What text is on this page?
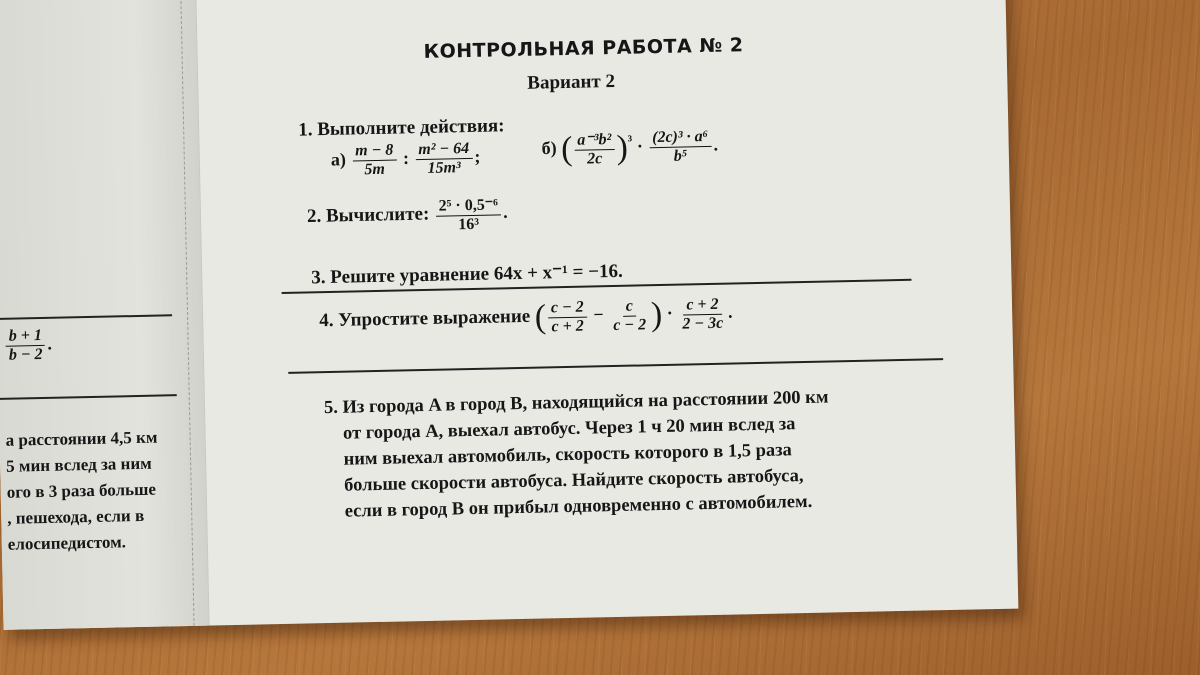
$\frac{b + 1}{b - 2}$ .
а расстоянии 4,5 км
5 мин вслед за ним
ого в 3 раза больше
, пешехода, если в
елосипедистом.
КОНТРОЛЬНАЯ РАБОТА № 2
Вариант 2
1. Выполните действия:
$а) \frac{m - 8}{5m}$ : $\frac{\text{m² − 64}}{\text{15m³}}$ ;	б) ( $\frac{\text{a⁻³b²}}{2c} )^{^3} \cdot \frac{\text{(2c)³ · a⁶}}{\text{b⁵}}$ .
2. Вычислите: $\frac{\text{2⁵ · 0,5⁻⁶}}{\text{16³}}$ .
3. Решите уравнение 64x + x⁻¹ = −16.
4. Упростите выражение ( $\frac{c - 2}{c + 2} - \frac{c}{c - 2}$ ) · $\frac{c + 2}{2 - 3c}$ .
5. Из города A в город B, находящийся на расстоянии 200 км
от города A, выехал автобус. Через 1 ч 20 мин вслед за
ним выехал автомобиль, скорость которого в 1,5 раза
больше скорости автобуса. Найдите скорость автобуса,
если в город B он прибыл одновременно с автомобилем.
